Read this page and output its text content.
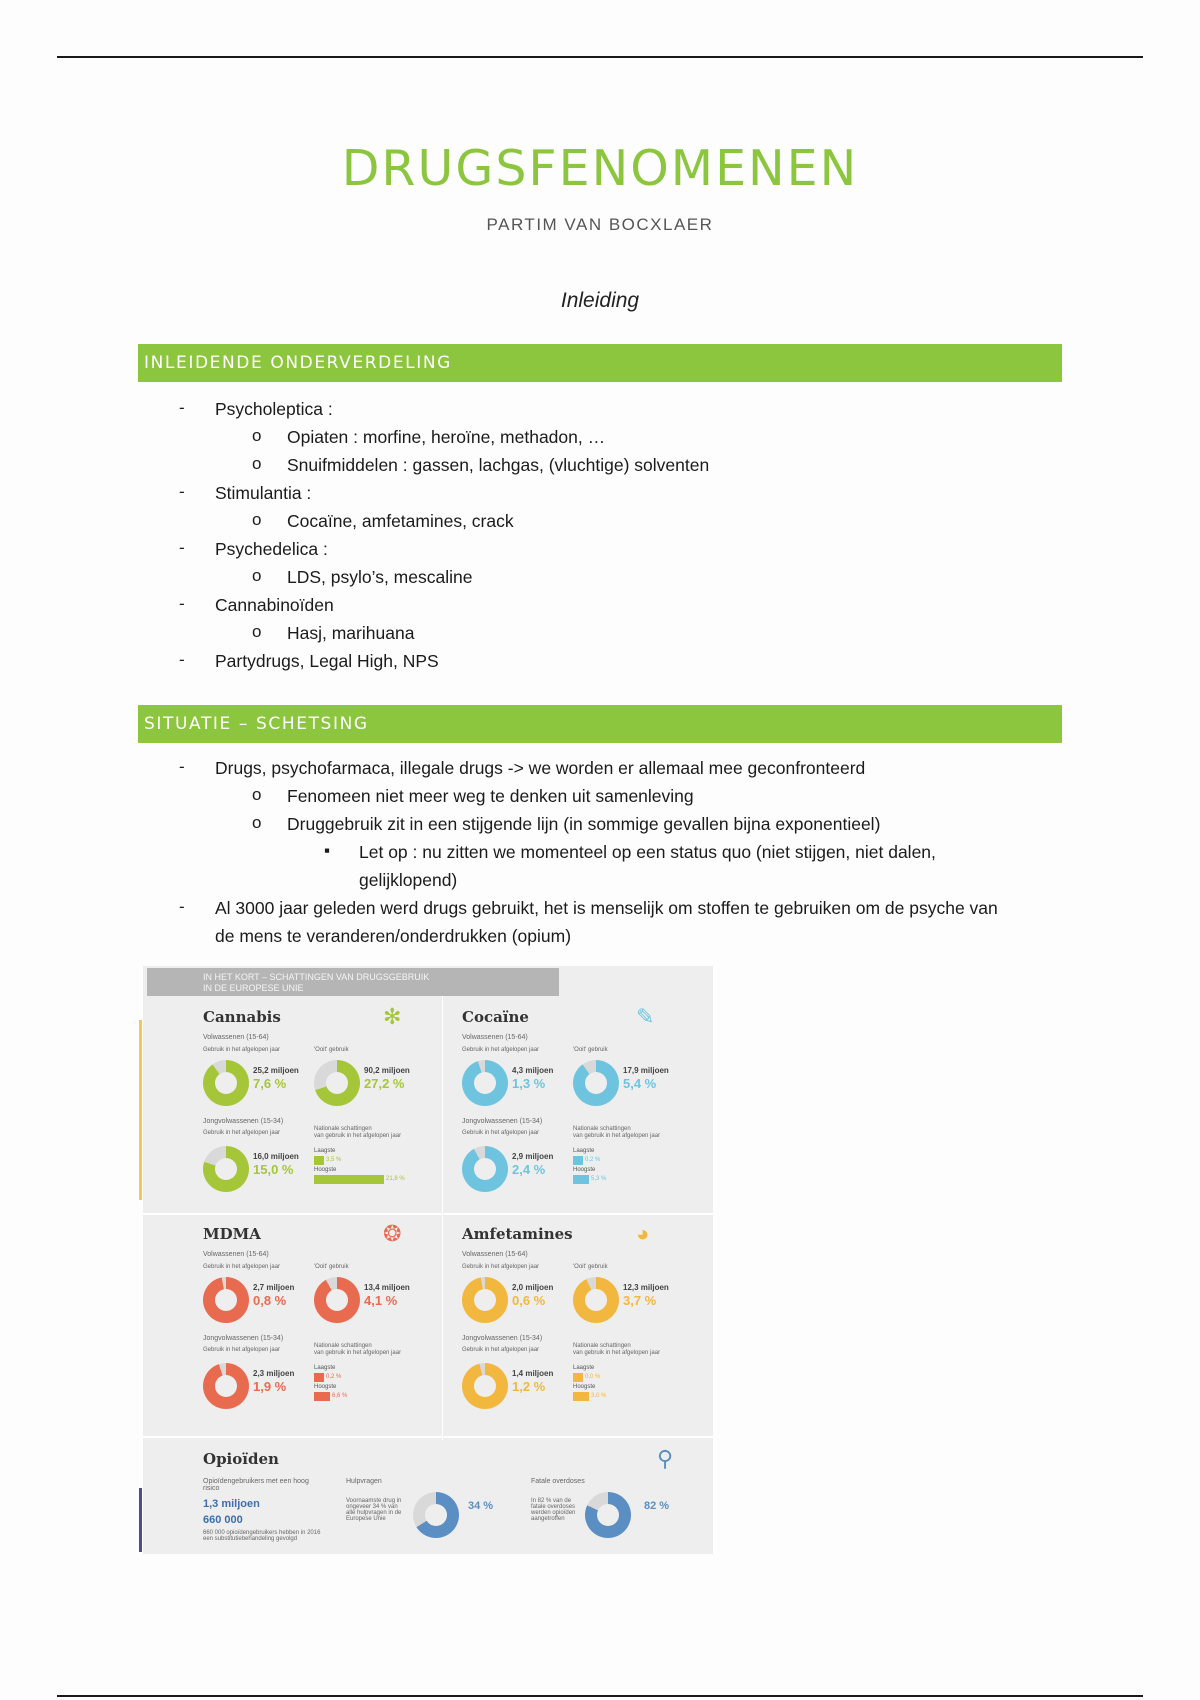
DRUGSFENOMENEN
PARTIM VAN BOCXLAER
Inleiding
INLEIDENDE ONDERVERDELING
- Psycholeptica :
o Opiaten : morfine, heroïne, methadon, …
o Snuifmiddelen : gassen, lachgas, (vluchtige) solventen
- Stimulantia :
o Cocaïne, amfetamines, crack
- Psychedelica :
o LDS, psylo’s, mescaline
- Cannabinoïden
o Hasj, marihuana
- Partydrugs, Legal High, NPS
SITUATIE – SCHETSING
- Drugs, psychofarmaca, illegale drugs -> we worden er allemaal mee geconfronteerd
o Fenomeen niet meer weg te denken uit samenleving
o Druggebruik zit in een stijgende lijn (in sommige gevallen bijna exponentieel)
▪ Let op : nu zitten we momenteel op een status quo (niet stijgen, niet dalen,
gelijklopend)
- Al 3000 jaar geleden werd drugs gebruikt, het is menselijk om stoffen te gebruiken om de psyche van
de mens te veranderen/onderdrukken (opium)
IN HET KORT – SCHATTINGEN VAN DRUGSGEBRUIK
IN DE EUROPESE UNIE
Cannabis	✻
Volwassenen (15-64)
Gebruik in het afgelopen jaar	'Ooit' gebruik
25,2 miljoen
7,6 %
90,2 miljoen
27,2 %
Jongvolwassenen (15-34)
Gebruik in het afgelopen jaar
Nationale schattingen
van gebruik in het afgelopen jaar
16,0 miljoen
15,0 %
Laagste
3,5 %
Hoogste
21,8 %
Cocaïne	✎
Volwassenen (15-64)
Gebruik in het afgelopen jaar	'Ooit' gebruik
4,3 miljoen
1,3 %
17,9 miljoen
5,4 %
Jongvolwassenen (15-34)
Gebruik in het afgelopen jaar
Nationale schattingen
van gebruik in het afgelopen jaar
2,9 miljoen
2,4 %
Laagste
0,2 %
Hoogste
5,3 %
MDMA	❂
Volwassenen (15-64)
Gebruik in het afgelopen jaar	'Ooit' gebruik
2,7 miljoen
0,8 %
13,4 miljoen
4,1 %
Jongvolwassenen (15-34)
Gebruik in het afgelopen jaar
Nationale schattingen
van gebruik in het afgelopen jaar
2,3 miljoen
1,9 %
Laagste
0,2 %
Hoogste
6,6 %
Amfetamines	◕
Volwassenen (15-64)
Gebruik in het afgelopen jaar	'Ooit' gebruik
2,0 miljoen
0,6 %
12,3 miljoen
3,7 %
Jongvolwassenen (15-34)
Gebruik in het afgelopen jaar
Nationale schattingen
van gebruik in het afgelopen jaar
1,4 miljoen
1,2 %
Laagste
0,0 %
Hoogste
3,0 %
Opioïden	⚲
Opioïdengebruikers met een hoog risico
1,3 miljoen
660 000
660 000 opioïdengebruikers hebben in 2016 een substitutiebehandeling gevolgd
Hulpvragen
Voornaamste drug in ongeveer 34 % van alle hulpvragen in de Europese Unie
34 %
Fatale overdoses
In 82 % van de fatale overdoses werden opioïden aangetroffen
82 %
